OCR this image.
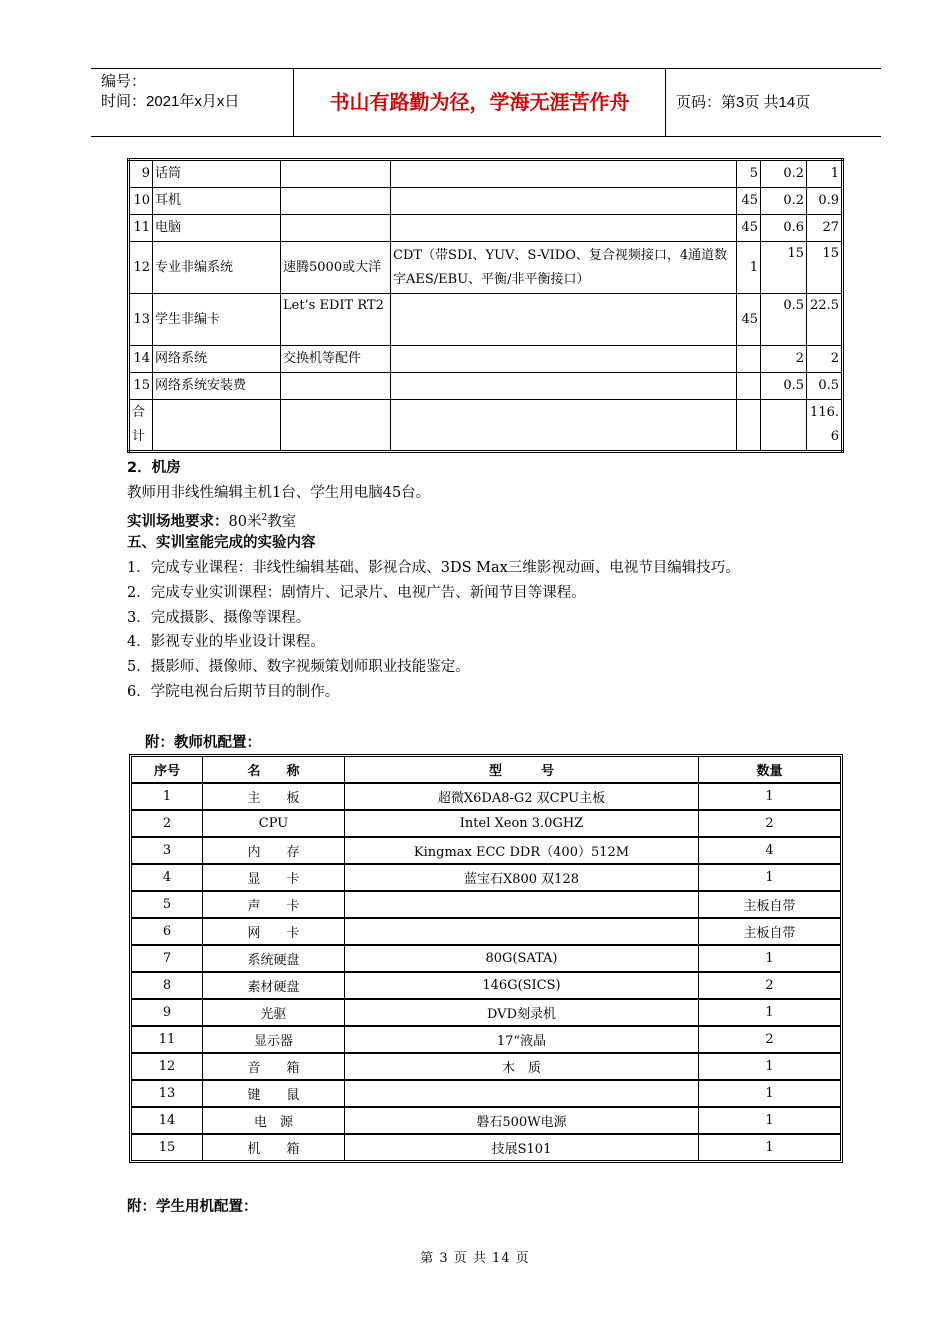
编号：
时间：2021年x月x日	书山有路勤为径，学海无涯苦作舟	页码：第3页 共14页
9	话筒			5	0.2	1
10	耳机			45	0.2	0.9
11	电脑			45	0.6	27
12	专业非编系统	速腾5000或大洋	CDT（带SDI、YUV、S-VIDO、复合视频接口，4通道数字AES/EBU、平衡/非平衡接口）	1	15	15
13	学生非编卡	Let’s EDIT RT2		45	0.5	22.5
14	网络系统	交换机等配件			2	2
15	网络系统安装费				0.5	0.5
合计						116.6
2．机房
教师用非线性编辑主机1台、学生用电脑45台。
实训场地要求：80米$^2$教室
五、实训室能完成的实验内容
1．完成专业课程：非线性编辑基础、影视合成、3DS Max三维影视动画、电视节目编辑技巧。
2．完成专业实训课程：剧情片、记录片、电视广告、新闻节目等课程。
3．完成摄影、摄像等课程。
4．影视专业的毕业设计课程。
5．摄影师、摄像师、数字视频策划师职业技能鉴定。
6．学院电视台后期节目的制作。
附：教师机配置：
序号	名　　称	型　　　号	数量
1	主　　板	超微X6DA8-G2 双CPU主板	1
2	CPU	Intel Xeon 3.0GHZ	2
3	内　　存	Kingmax ECC DDR（400）512M	4
4	显　　卡	蓝宝石X800 双128	1
5	声　　卡		主板自带
6	网　　卡		主板自带
7	系统硬盘	80G(SATA)	1
8	素材硬盘	146G(SICS)	2
9	光驱	DVD刻录机	1
11	显示器	17“液晶	2
12	音　　箱	木　质	1
13	键　　鼠		1
14	电　源	磐石500W电源	1
15	机　　箱	技展S101	1
附：学生用机配置：
第 3 页 共 14 页
